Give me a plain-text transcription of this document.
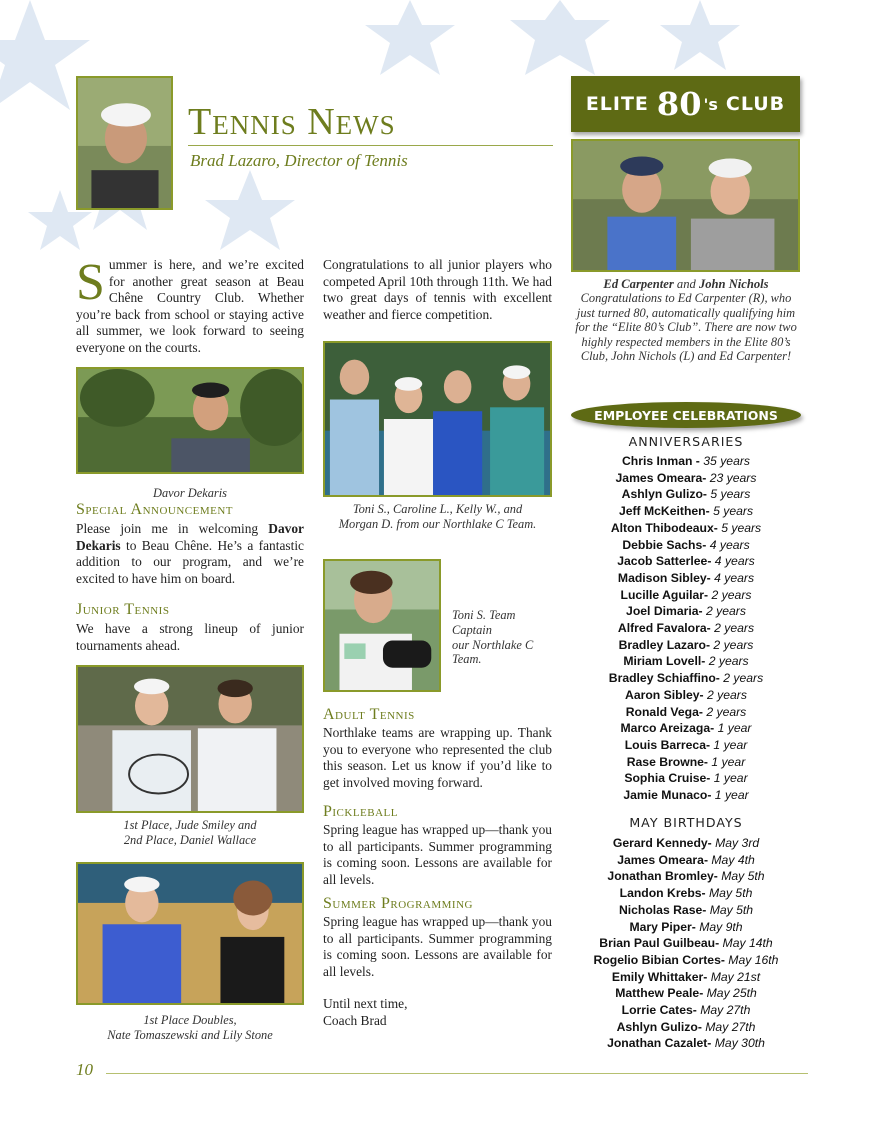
Tennis News
Brad Lazaro, Director of Tennis
ELITE 80 's CLUB
Ed Carpenter and John Nichols
Congratulations to Ed Carpenter (R), who just turned 80, automatically qualifying him for the “Elite 80’s Club”. There are now two highly respected members in the Elite 80’s Club, John Nichols (L) and Ed Carpenter!
Summer is here, and we’re excited for another great season at Beau Chêne Country Club. Whether you’re back from school or staying active all summer, we look forward to seeing everyone on the courts.
Davor Dekaris
Special Announcement
Please join me in welcoming Davor Dekaris to Beau Chêne. He’s a fantastic addition to our program, and we’re excited to have him on board.
Junior Tennis
We have a strong lineup of junior tournaments ahead.
1st Place, Jude Smiley and
2nd Place, Daniel Wallace
1st Place Doubles,
Nate Tomaszewski and Lily Stone
Congratulations to all junior players who competed April 10th through 11th. We had two great days of tennis with excellent weather and fierce competition.
Toni S., Caroline L., Kelly W., and
Morgan D. from our Northlake C Team.
Toni S. Team
Captain
our Northlake C
Team.
Adult Tennis
Northlake teams are wrapping up. Thank you to everyone who represented the club this season. Let us know if you’d like to get involved moving forward.
Pickleball
Spring league has wrapped up—thank you to all participants. Summer programming is coming soon. Lessons are available for all levels.
Summer Programming
Spring league has wrapped up—thank you to all participants. Summer programming is coming soon. Lessons are available for all levels.
Until next time,
Coach Brad
EMPLOYEE CELEBRATIONS
ANNIVERSARIES
Chris Inman - 35 years
James Omeara- 23 years
Ashlyn Gulizo- 5 years
Jeff McKeithen- 5 years
Alton Thibodeaux- 5 years
Debbie Sachs- 4 years
Jacob Satterlee- 4 years
Madison Sibley- 4 years
Lucille Aguilar- 2 years
Joel Dimaria- 2 years
Alfred Favalora- 2 years
Bradley Lazaro- 2 years
Miriam Lovell- 2 years
Bradley Schiaffino- 2 years
Aaron Sibley- 2 years
Ronald Vega- 2 years
Marco Areizaga- 1 year
Louis Barreca- 1 year
Rase Browne- 1 year
Sophia Cruise- 1 year
Jamie Munaco- 1 year
MAY BIRTHDAYS
Gerard Kennedy- May 3rd
James Omeara- May 4th
Jonathan Bromley- May 5th
Landon Krebs- May 5th
Nicholas Rase- May 5th
Mary Piper- May 9th
Brian Paul Guilbeau- May 14th
Rogelio Bibian Cortes- May 16th
Emily Whittaker- May 21st
Matthew Peale- May 25th
Lorrie Cates- May 27th
Ashlyn Gulizo- May 27th
Jonathan Cazalet- May 30th
10
